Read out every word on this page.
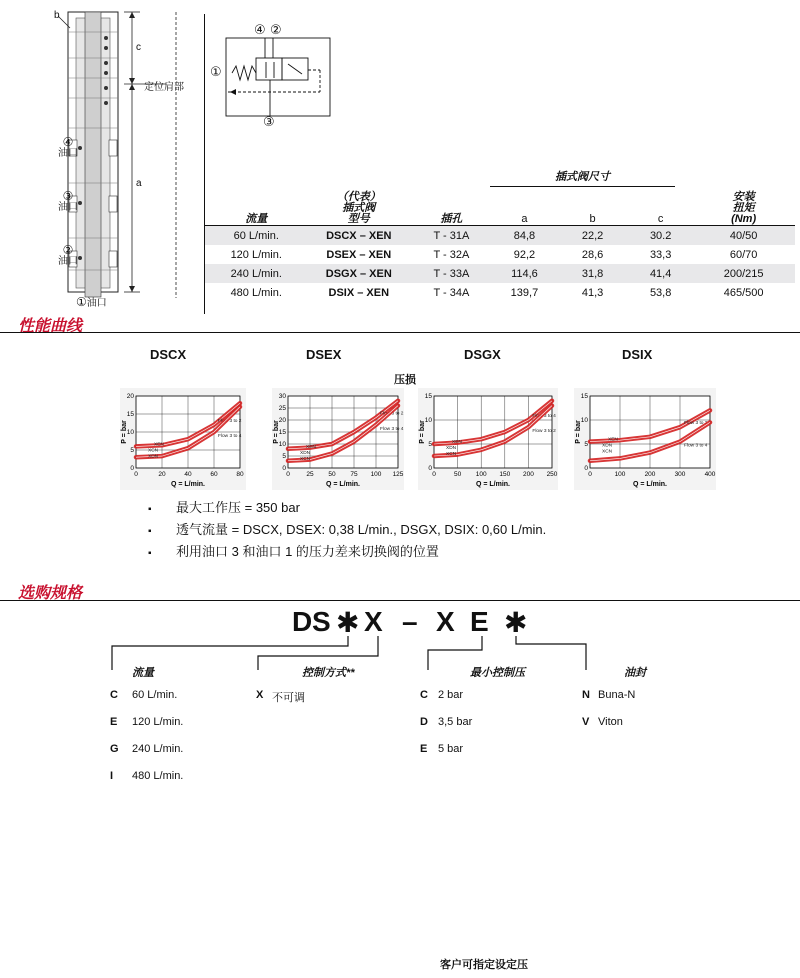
b
c
a
定位肩部
④
油口
③
油口
②
油口
①油口
①
④ ②
③
插式阀尺寸
流量	（代表）
插式阀
型号	插孔	a	b	c	安装
扭矩
(Nm)
60 L/min.	DSCX – XEN	T - 31A	84,8	22,2	30.2	40/50
120 L/min.	DSEX – XEN	T - 32A	92,2	28,6	33,3	60/70
240 L/min.	DSGX – XEN	T - 33A	114,6	31,8	41,4	200/215
480 L/min.	DSIX – XEN	T - 34A	139,7	41,3	53,8	465/500
性能曲线
DSCX	DSEX	DSGX	DSIX
压损
0	20	40	60	80
0
5
10
15
20
Q = L/min.
P = bar	Flow 3 to 2
Flow 3 to 4
XEN
XCN
XDN
0	25 50 75 100 125
0
5
10
15
20
25
30
Q = L/min.
P = bar
Flow 3 to 2
Flow 3 to 4
XEN
XDN
XCN
0	50 100 150 200 250
0
5
10
15
Q = L/min.
P = bar
Flow 3 to 4
Flow 3 to 2
XEN
XDN
XCN
0	100	200	300	400
0
5
10
15
Q = L/min.
P = bar	Flow 3 to 2
Flow 3 to 4
XEN
XDN
XCN
▪ 最大工作压 = 350 bar
▪ 透气流量 = DSCX, DSEX: 0,38 L/min., DSGX, DSIX: 0,60 L/min.
▪ 利用油口 3 和油口 1 的压力差来切换阀的位置
选购规格
D S ✱ X – X E ✱
流量	控制方式**	最小控制压	油封
C 60 L/min.
E 120 L/min.
G 240 L/min.
I 480 L/min.
X 不可调	C 2 bar
D 3,5 bar
E 5 bar
N Buna-N
V Viton
客户可指定设定压
